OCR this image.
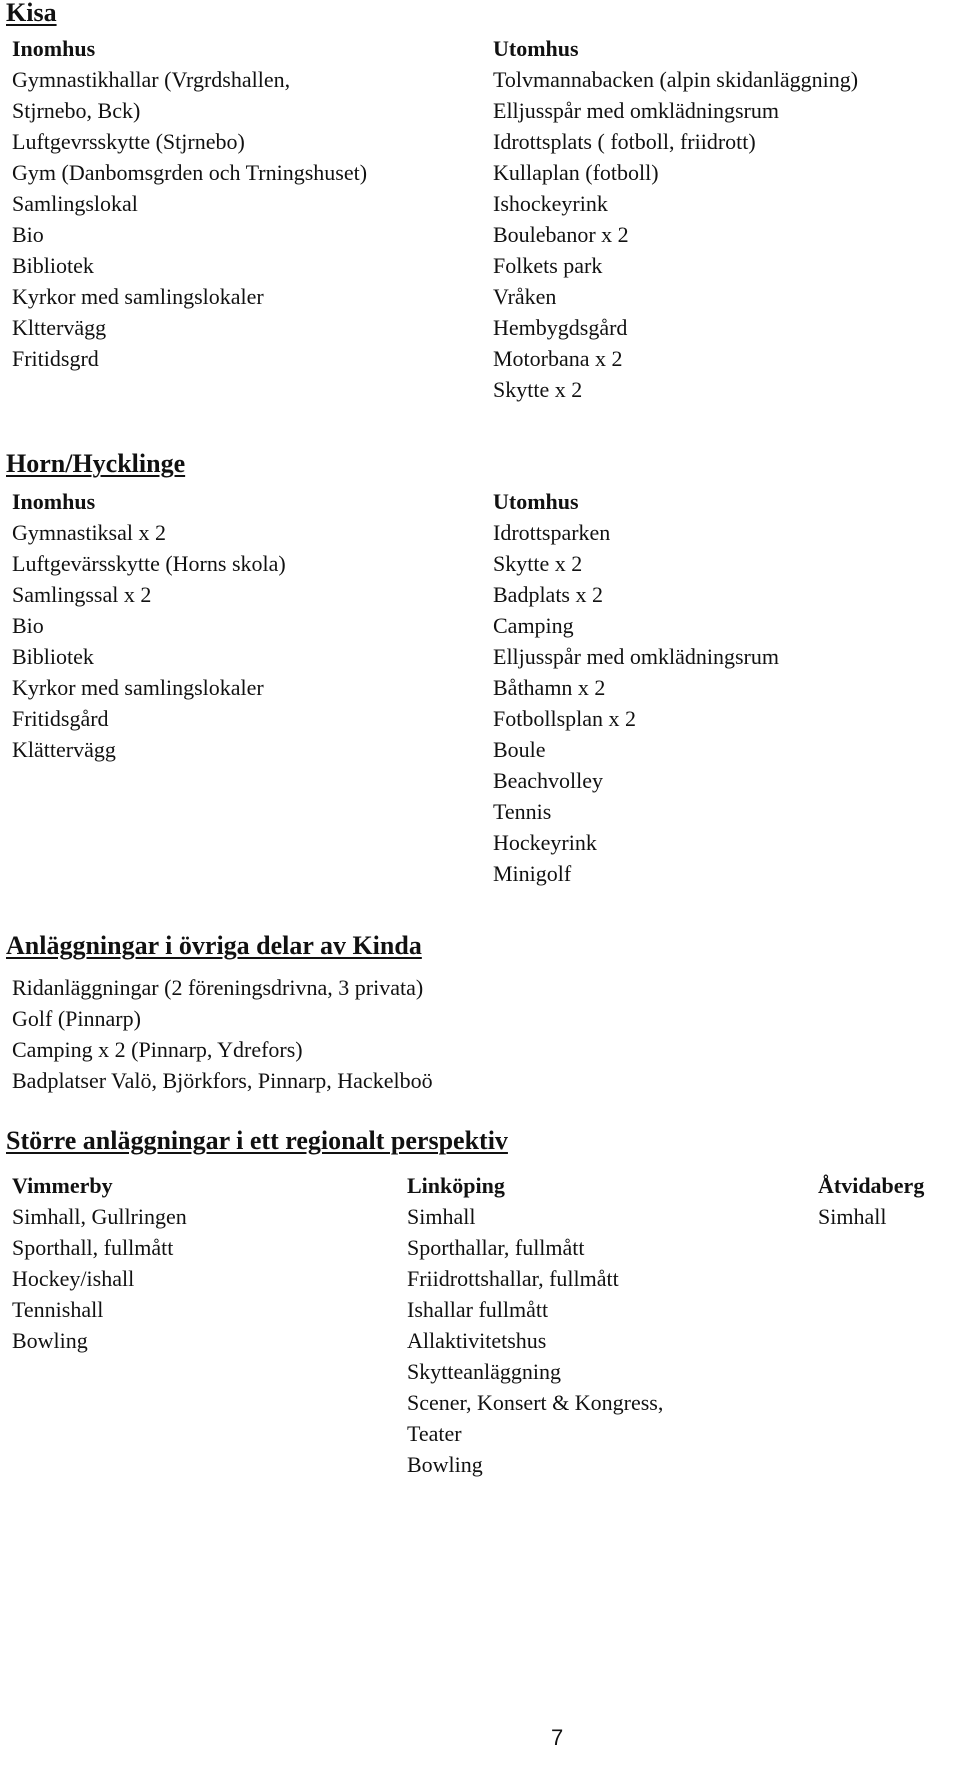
Kisa
Inomhus
Gymnastikhallar (Vrgrdshallen,
Stjrnebo, Bck)
Luftgevrsskytte (Stjrnebo)
Gym (Danbomsgrden och Trningshuset)
Samlingslokal
Bio
Bibliotek
Kyrkor med samlingslokaler
Klttervägg
Fritidsgrd
Utomhus
Tolvmannabacken (alpin skidanläggning)
Elljusspår med omklädningsrum
Idrottsplats ( fotboll, friidrott)
Kullaplan (fotboll)
Ishockeyrink
Boulebanor x 2
Folkets park
Vråken
Hembygdsgård
Motorbana x 2
Skytte x 2
Horn/Hycklinge
Inomhus
Gymnastiksal x 2
Luftgevärsskytte (Horns skola)
Samlingssal x 2
Bio
Bibliotek
Kyrkor med samlingslokaler
Fritidsgård
Klättervägg
Utomhus
Idrottsparken
Skytte x 2
Badplats x 2
Camping
Elljusspår med omklädningsrum
Båthamn x 2
Fotbollsplan x 2
Boule
Beachvolley
Tennis
Hockeyrink
Minigolf
Anläggningar i övriga delar av Kinda
Ridanläggningar (2 föreningsdrivna, 3 privata)
Golf (Pinnarp)
Camping x 2 (Pinnarp, Ydrefors)
Badplatser Valö, Björkfors, Pinnarp, Hackelboö
Större anläggningar i ett regionalt perspektiv
Vimmerby
Simhall, Gullringen
Sporthall, fullmått
Hockey/ishall
Tennishall
Bowling
Linköping
Simhall
Sporthallar, fullmått
Friidrottshallar, fullmått
Ishallar fullmått
Allaktivitetshus
Skytteanläggning
Scener, Konsert & Kongress,
Teater
Bowling
Åtvidaberg
Simhall
7
